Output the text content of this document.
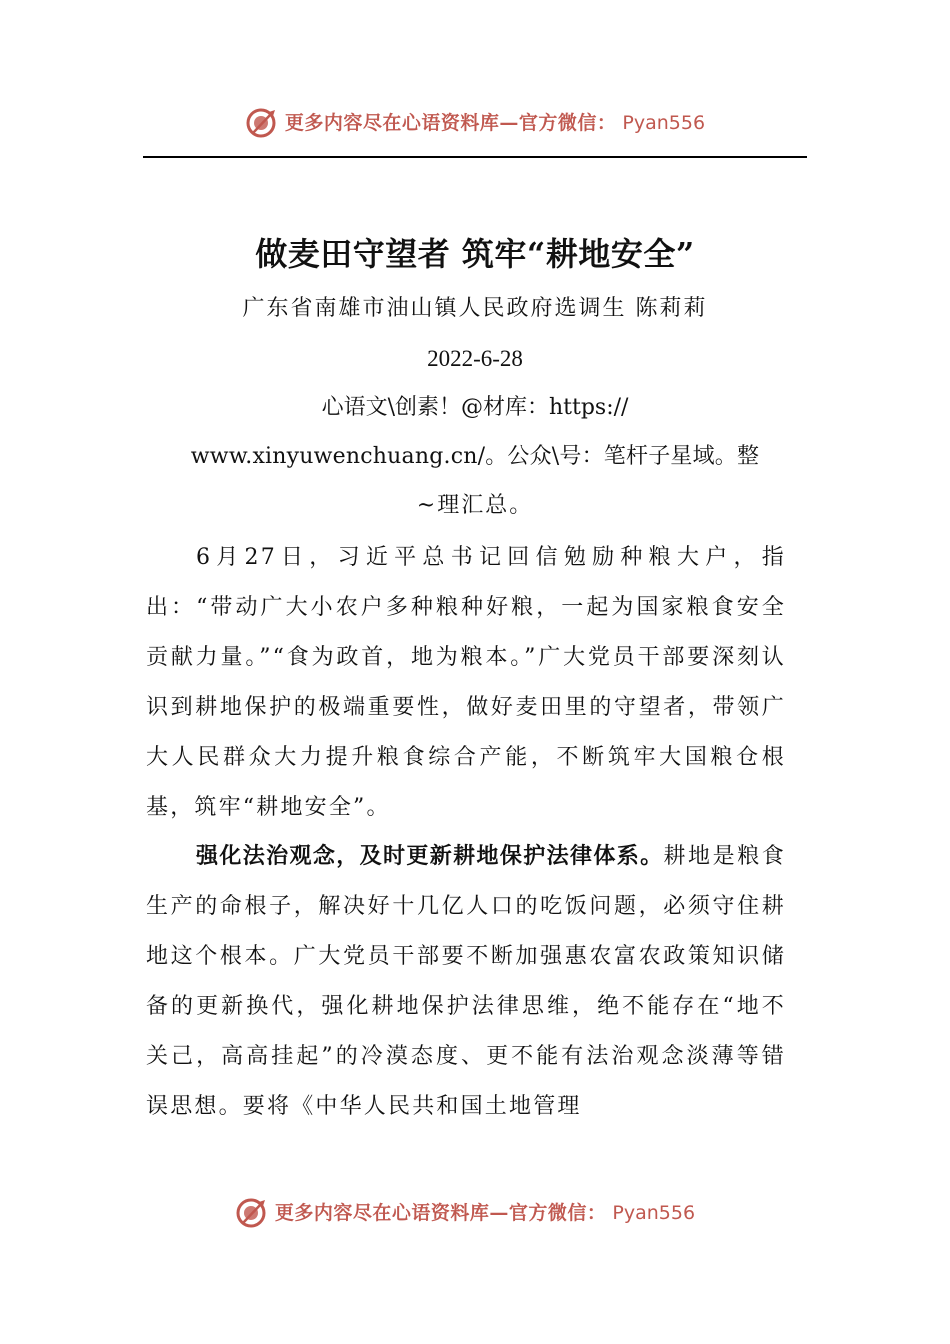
更多内容尽在心语资料库—官方微信： Pyan556
做麦田守望者 筑牢“耕地安全”
广东省南雄市油山镇人民政府选调生 陈莉莉
2022-6-28
心语文\创素！@材库：https://
www.xinyuwenchuang.cn/。公众\号：笔杆子星域。整
~理汇总。

6月27日，习近平总书记回信勉励种粮大户，指出：“带动广大小农户多种粮种好粮，一起为国家粮食安全贡献力量。”“食为政首，地为粮本。”广大党员干部要深刻认识到耕地保护的极端重要性，做好麦田里的守望者，带领广大人民群众大力提升粮食综合产能，不断筑牢大国粮仓根基，筑牢“耕地安全”。

强化法治观念，及时更新耕地保护法律体系。耕地是粮食生产的命根子，解决好十几亿人口的吃饭问题，必须守住耕地这个根本。广大党员干部要不断加强惠农富农政策知识储备的更新换代，强化耕地保护法律思维，绝不能存在“地不关己，高高挂起”的冷漠态度、更不能有法治观念淡薄等错误思想。要将《中华人民共和国土地管理

更多内容尽在心语资料库—官方微信： Pyan556
